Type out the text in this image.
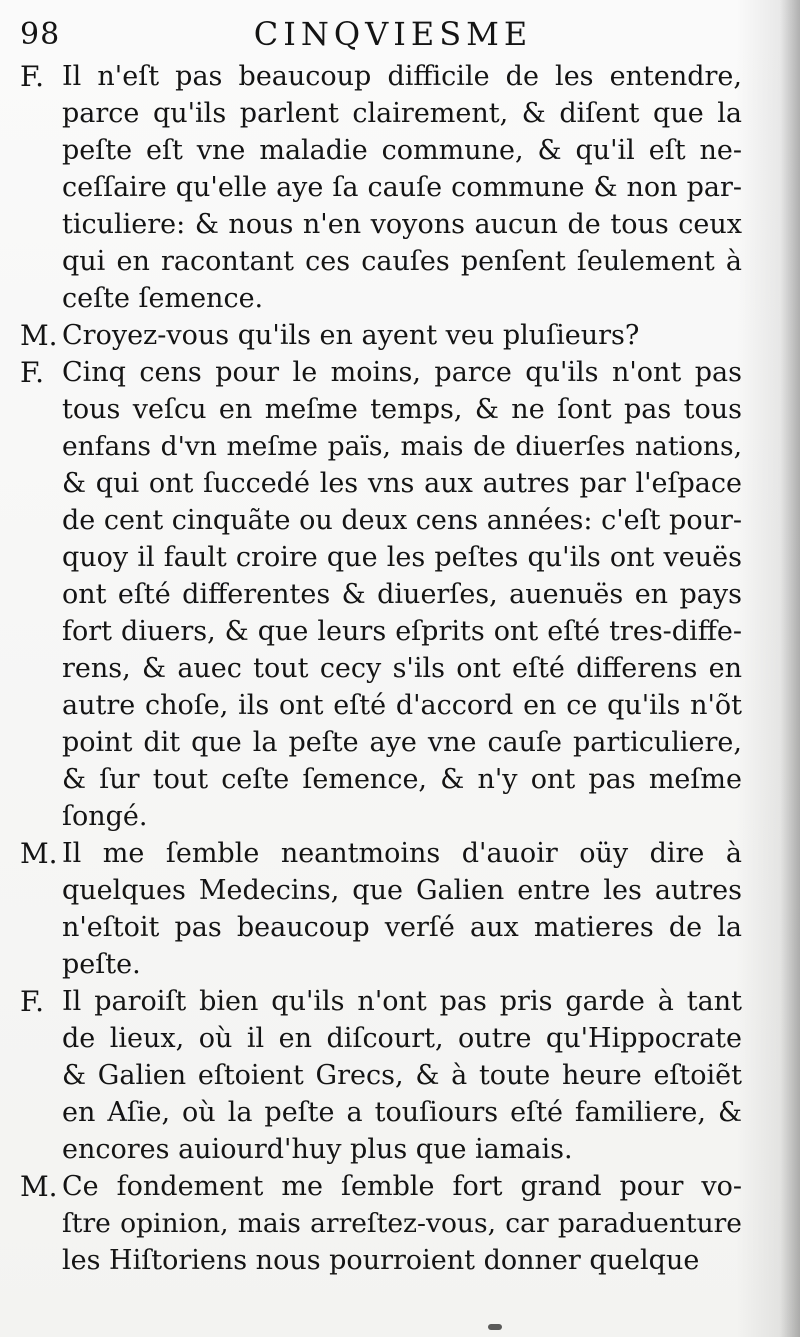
98	CINQVIESME
F. Il n'eſt pas beaucoup difficile de les entendre,
parce qu'ils parlent clairement, & diſent que la
peſte eſt vne maladie commune, & qu'il eſt ne-
ceſſaire qu'elle aye ſa cauſe commune & non par-
ticuliere: & nous n'en voyons aucun de tous ceux
qui en racontant ces cauſes penſent ſeulement à
ceſte ſemence.
M. Croyez-vous qu'ils en ayent veu pluſieurs?
F. Cinq cens pour le moins, parce qu'ils n'ont pas
tous veſcu en meſme temps, & ne ſont pas tous
enfans d'vn meſme païs, mais de diuerſes nations,
& qui ont ſuccedé les vns aux autres par l'eſpace
de cent cinquãte ou deux cens années: c'eſt pour-
quoy il fault croire que les peſtes qu'ils ont veuës
ont eſté differentes & diuerſes, auenuës en pays
fort diuers, & que leurs eſprits ont eſté tres-diffe-
rens, & auec tout cecy s'ils ont eſté differens en
autre choſe, ils ont eſté d'accord en ce qu'ils n'õt
point dit que la peſte aye vne cauſe particuliere,
& ſur tout ceſte ſemence, & n'y ont pas meſme
ſongé.
M. Il me ſemble neantmoins d'auoir oüy dire à
quelques Medecins, que Galien entre les autres
n'eſtoit pas beaucoup verſé aux matieres de la
peſte.
F. Il paroiſt bien qu'ils n'ont pas pris garde à tant
de lieux, où il en diſcourt, outre qu'Hippocrate
& Galien eſtoient Grecs, & à toute heure eſtoiẽt
en Aſie, où la peſte a touſiours eſté familiere, &
encores auiourd'huy plus que iamais.
M. Ce fondement me ſemble fort grand pour vo-
ſtre opinion, mais arreſtez-vous, car paraduenture
les Hiſtoriens nous pourroient donner quelque
